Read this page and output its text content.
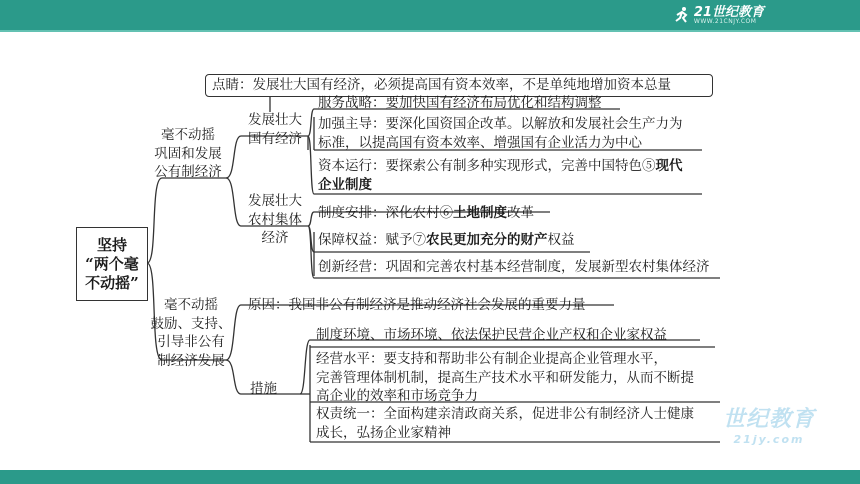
21世纪教育
WWW.21CNJY.COM
世纪教育
21jy.com
点睛：发展壮大国有经济，必须提高国有资本效率，不是单纯地增加资本总量
坚持
“两个毫
不动摇”
毫不动摇
巩固和发展
公有制经济
发展壮大
国有经济
服务战略：要加快国有经济布局优化和结构调整
加强主导：要深化国资国企改革。以解放和发展社会生产力为
标准，以提高国有资本效率、增强国有企业活力为中心
资本运行：要探索公有制多种实现形式，完善中国特色⑤现代
企业制度
发展壮大
农村集体
经济
制度安排：深化农村⑥土地制度改革
保障权益：赋予⑦农民更加充分的财产权益
创新经营：巩固和完善农村基本经营制度，发展新型农村集体经济
毫不动摇
鼓励、支持、
引导非公有
制经济发展
原因：我国非公有制经济是推动经济社会发展的重要力量
措施
制度环境、市场环境、依法保护民营企业产权和企业家权益
经营水平：要支持和帮助非公有制企业提高企业管理水平，
完善管理体制机制，提高生产技术水平和研发能力，从而不断提
高企业的效率和市场竞争力
权责统一：全面构建亲清政商关系，促进非公有制经济人士健康
成长，弘扬企业家精神
